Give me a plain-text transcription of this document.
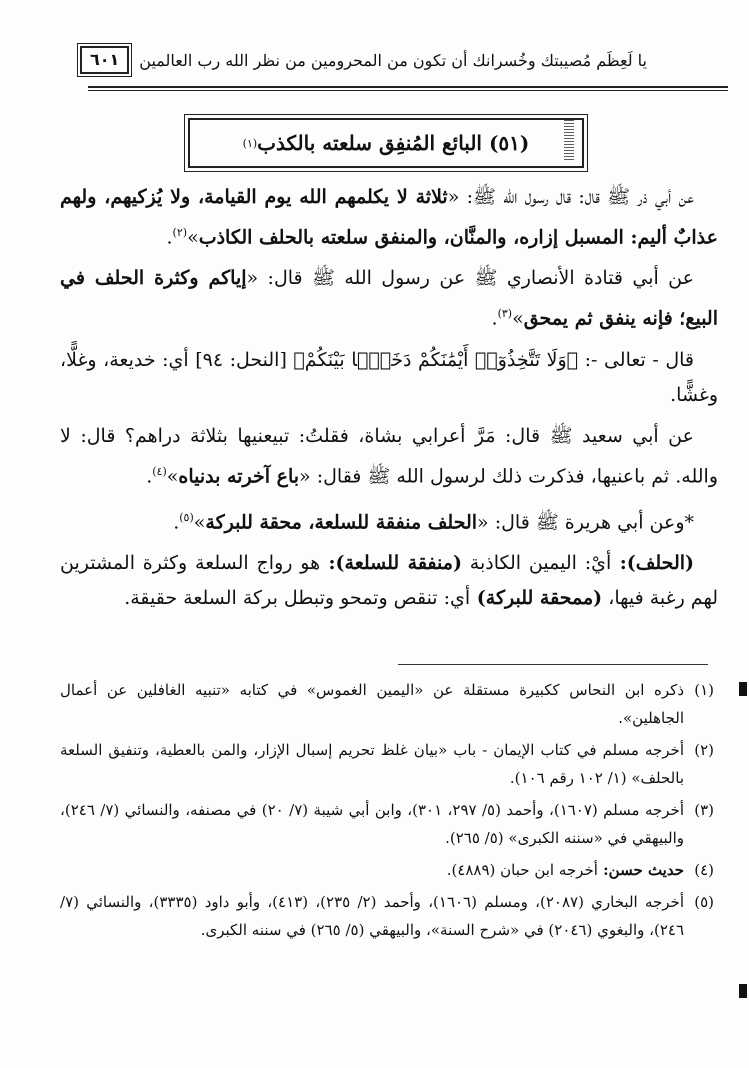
يا لَعِظَم مُصيبتك وخُسرانك أن تكون من المحرومين من نظر الله رب العالمين
٦٠١
(٥١) البائع المُنفِق سلعته بالكذب
(١)

عن أبي ذر ﷺ قال: قال رسول الله ﷺ: «ثلاثة لا يكلمهم الله يوم القيامة، ولا يُزكيهم، ولهم عذابٌ أليم: المسبل إزاره، والمنَّان، والمنفق سلعته بالحلف الكاذب»$^{(٢)}$.

عن أبي قتادة الأنصاري ﷺ عن رسول الله ﷺ قال: «إياكم وكثرة الحلف في البيع؛ فإنه ينفق ثم يمحق»$^{(٣)}$.

قال - تعالى -: ﴿وَلَا تَتَّخِذُوٓا۟ أَيْمَٰنَكُمْ دَخَلًۢا بَيْنَكُمْ﴾ [النحل: ٩٤] أي: خديعة، وغلًّا، وغشًّا.

عن أبي سعيد ﷺ قال: مَرَّ أعرابي بشاة، فقلتُ: تبيعنيها بثلاثة دراهم؟ قال: لا والله. ثم باعنيها، فذكرت ذلك لرسول الله ﷺ فقال: «باع آخرته بدنياه»$^{(٤)}$.

*وعن أبي هريرة ﷺ قال: «الحلف منفقة للسلعة، محقة للبركة»$^{(٥)}$.

(الحلف): أيْ: اليمين الكاذبة (منفقة للسلعة): هو رواج السلعة وكثرة المشترين لهم رغبة فيها، (ممحقة للبركة) أي: تنقص وتمحو وتبطل بركة السلعة حقيقة.

(١)
ذكره ابن النحاس ككبيرة مستقلة عن «اليمين الغموس» في كتابه «تنبيه الغافلين عن أعمال الجاهلين».
(٢)
أخرجه مسلم في كتاب الإيمان - باب «بيان غلظ تحريم إسبال الإزار، والمن بالعطية، وتنفيق السلعة بالحلف» (١/ ١٠٢ رقم ١٠٦).
(٣)
أخرجه مسلم (١٦٠٧)، وأحمد (٥/ ٢٩٧، ٣٠١)، وابن أبي شيبة (٧/ ٢٠) في مصنفه، والنسائي (٧/ ٢٤٦)، والبيهقي في «سننه الكبرى» (٥/ ٢٦٥).
(٤)
حديث حسن: أخرجه ابن حبان (٤٨٨٩).
(٥)
أخرجه البخاري (٢٠٨٧)، ومسلم (١٦٠٦)، وأحمد (٢/ ٢٣٥)، (٤١٣)، وأبو داود (٣٣٣٥)، والنسائي (٧/ ٢٤٦)، والبغوي (٢٠٤٦) في «شرح السنة»، والبيهقي (٥/ ٢٦٥) في سننه الكبرى.
